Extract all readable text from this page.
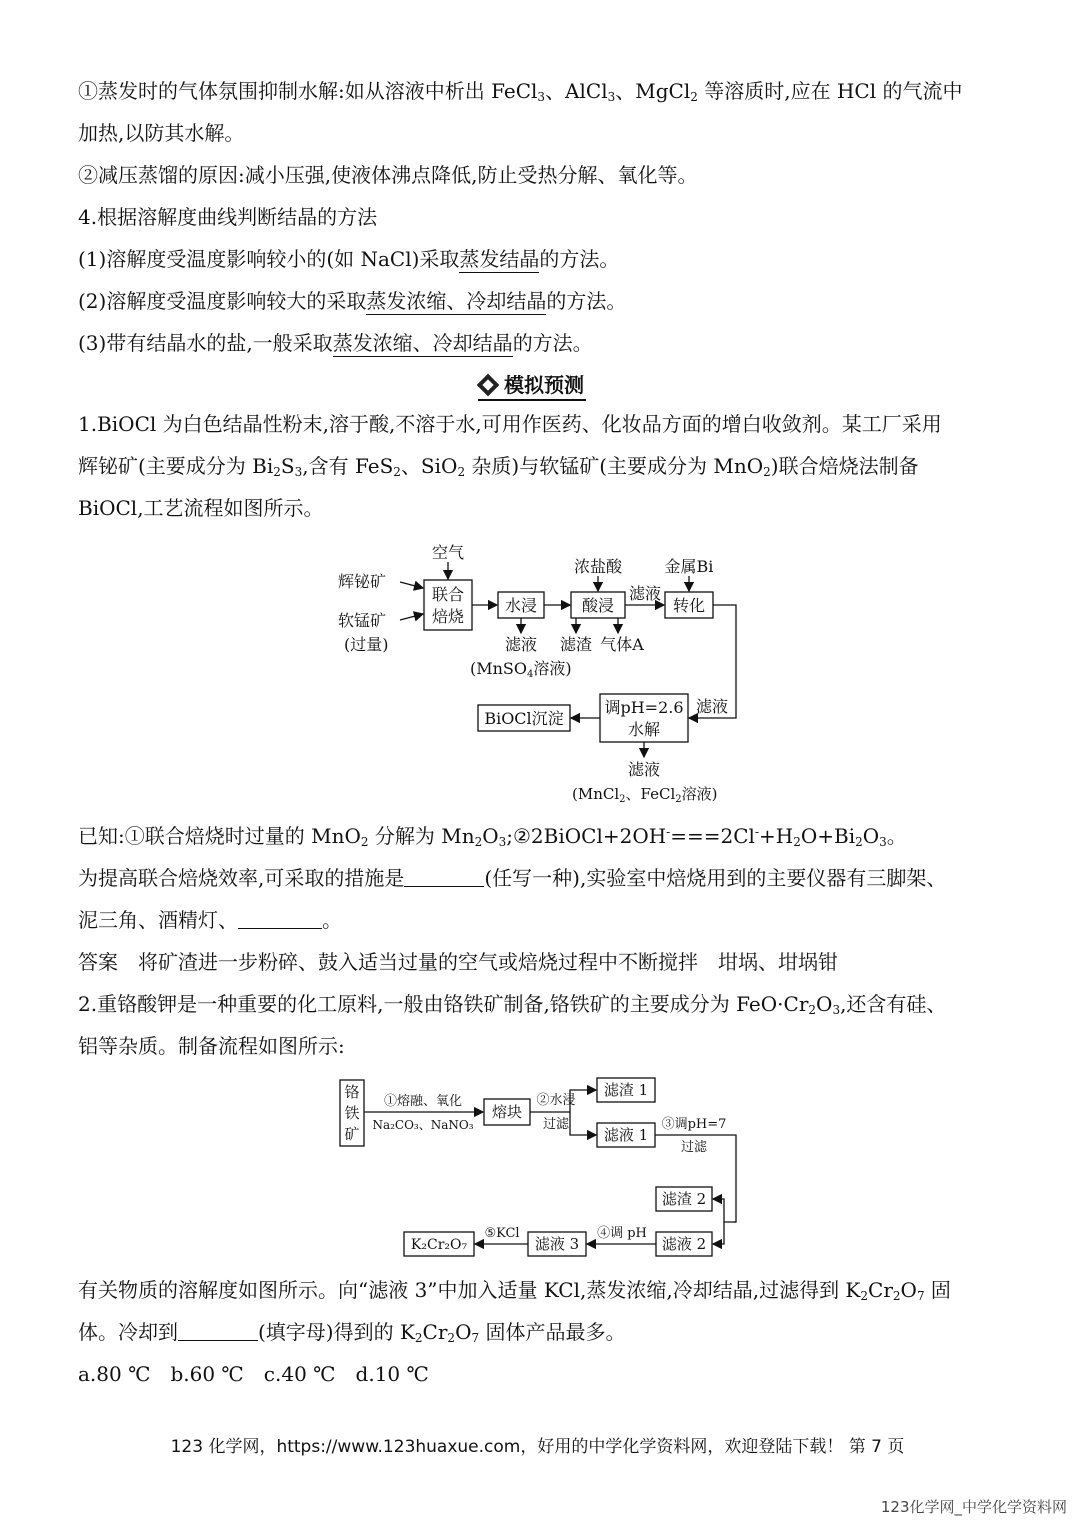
①蒸发时的气体氛围抑制水解:如从溶液中析出 FeCl$_3$、AlCl$_3$、MgCl$_2$ 等溶质时,应在 HCl 的气流中
加热,以防其水解。
②减压蒸馏的原因:减小压强,使液体沸点降低,防止受热分解、氧化等。
4.根据溶解度曲线判断结晶的方法
(1)溶解度受温度影响较小的(如 NaCl)采取蒸发结晶的方法。
(2)溶解度受温度影响较大的采取蒸发浓缩、冷却结晶的方法。
(3)带有结晶水的盐,一般采取蒸发浓缩、冷却结晶的方法。
模拟预测
1.BiOCl 为白色结晶性粉末,溶于酸,不溶于水,可用作医药、化妆品方面的增白收敛剂。某工厂采用
辉铋矿(主要成分为 $Bi_2S_3$,含有 FeS$_2$、SiO$_2$ 杂质)与软锰矿(主要成分为 MnO$_2$)联合焙烧法制备
BiOCl,工艺流程如图所示。
空气
辉铋矿
软锰矿
(过量)
联合
焙烧
水浸
滤液
(MnSO4溶液)
浓盐酸
酸浸
滤渣 气体A
金属Bi
滤液
转化
滤液
调pH=2.6
水解
BiOCl沉淀
滤液
(MnCl$_2$、FeCl$_2$溶液)
已知:①联合焙烧时过量的 MnO$_2$ 分解为 $Mn_2O_3;②2BiOCl+2OH^-===2Cl^-+H_2O+Bi_2O_3$。
为提高联合焙烧效率,可采取的措施是	(任写一种),实验室中焙烧用到的主要仪器有三脚架、
泥三角、酒精灯、	。
答案　将矿渣进一步粉碎、鼓入适当过量的空气或焙烧过程中不断搅拌　坩埚、坩埚钳
2.重铬酸钾是一种重要的化工原料,一般由铬铁矿制备,铬铁矿的主要成分为 $FeO\cdot Cr_2O_3$,还含有硅、
铝等杂质。制备流程如图所示:
铬
铁
矿
①熔融、氧化
Na₂CO₃、NaNO₃
熔块
②水浸
过滤
滤渣 1
滤液 1
③调pH=7
过滤
滤渣 2
滤液 2
④调 pH
滤液 3
⑤KCl
K₂Cr₂O₇
有关物质的溶解度如图所示。向“滤液 3”中加入适量 KCl,蒸发浓缩,冷却结晶,过滤得到 $K_2Cr_2O_7$ 固
体。冷却到	(填字母)得到的 $K_2Cr_2O_7$ 固体产品最多。
a.80 ℃　b.60 ℃　c.40 ℃　d.10 ℃
123 化学网，https://www.123huaxue.com，好用的中学化学资料网，欢迎登陆下载！ 第 7 页
123化学网_中学化学资料网
